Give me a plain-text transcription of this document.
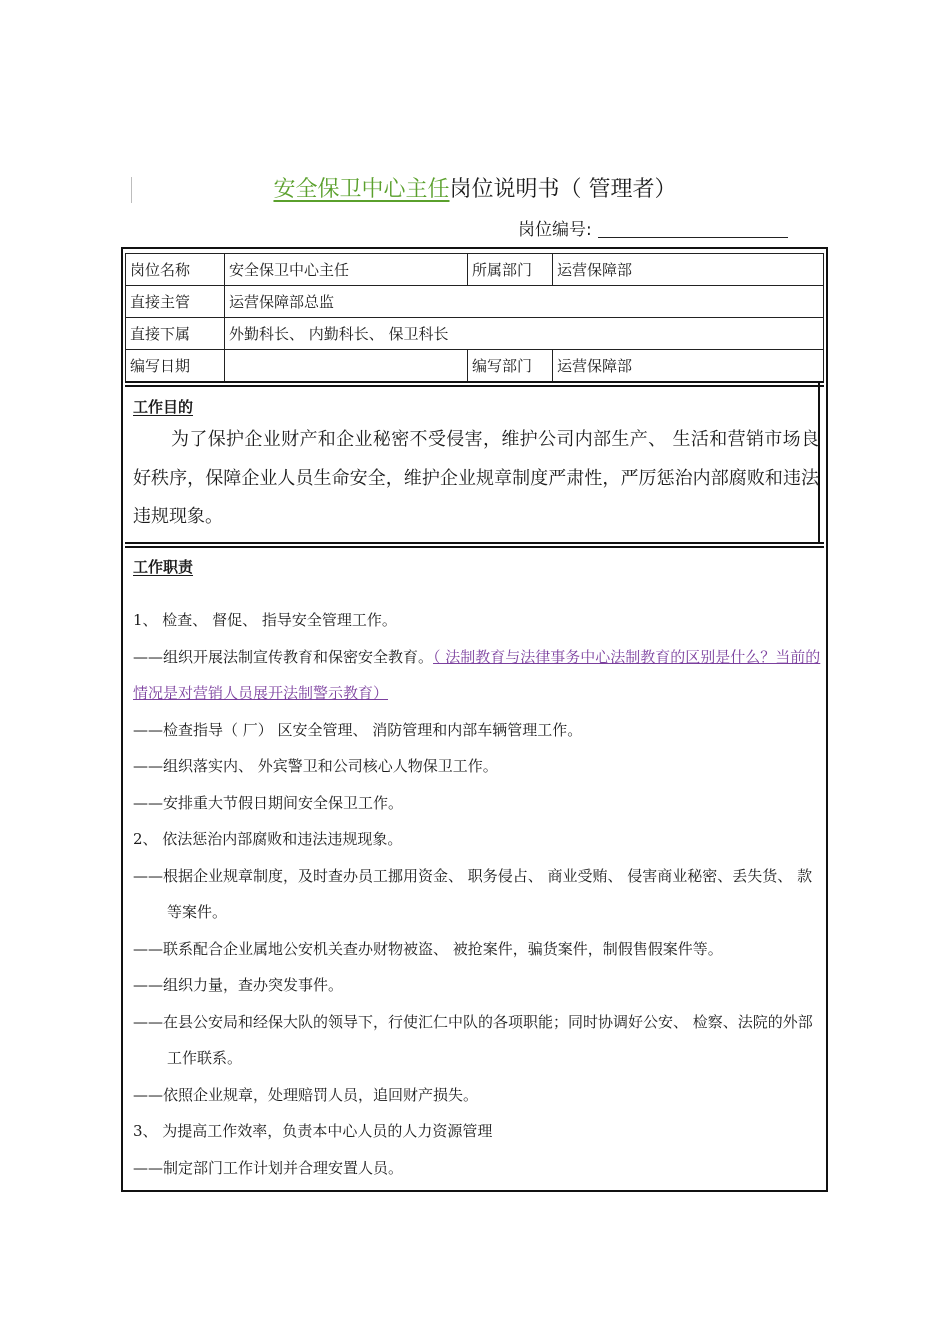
安全保卫中心主任岗位说明书（ 管理者）
岗位编号:
岗位名称	安全保卫中心主任	所属部门	运营保障部
直接主管	运营保障部总监		
直接下属	外勤科长、 内勤科长、 保卫科长		
编写日期		编写部门	运营保障部
工作目的

为了保护企业财产和企业秘密不受侵害，维护公司内部生产、 生活和营销市场良好秩序，保障企业人员生命安全，维护企业规章制度严肃性，严厉惩治内部腐败和违法违规现象。

工作职责
1、 检查、 督促、 指导安全管理工作。
——组织开展法制宣传教育和保密安全教育。（ 法制教育与法律事务中心法制教育的区别是什么？当前的情况是对营销人员展开法制警示教育）
——检查指导（ 厂） 区安全管理、 消防管理和内部车辆管理工作。
——组织落实内、 外宾警卫和公司核心人物保卫工作。
——安排重大节假日期间安全保卫工作。
2、 依法惩治内部腐败和违法违规现象。
——根据企业规章制度，及时查办员工挪用资金、 职务侵占、 商业受贿、 侵害商业秘密、丢失货、 款等案件。
——联系配合企业属地公安机关查办财物被盗、 被抢案件，骗货案件，制假售假案件等。
——组织力量，查办突发事件。
——在县公安局和经保大队的领导下，行使汇仁中队的各项职能；同时协调好公安、 检察、法院的外部工作联系。
——依照企业规章，处理赔罚人员，追回财产损失。
3、 为提高工作效率，负责本中心人员的人力资源管理
——制定部门工作计划并合理安置人员。
